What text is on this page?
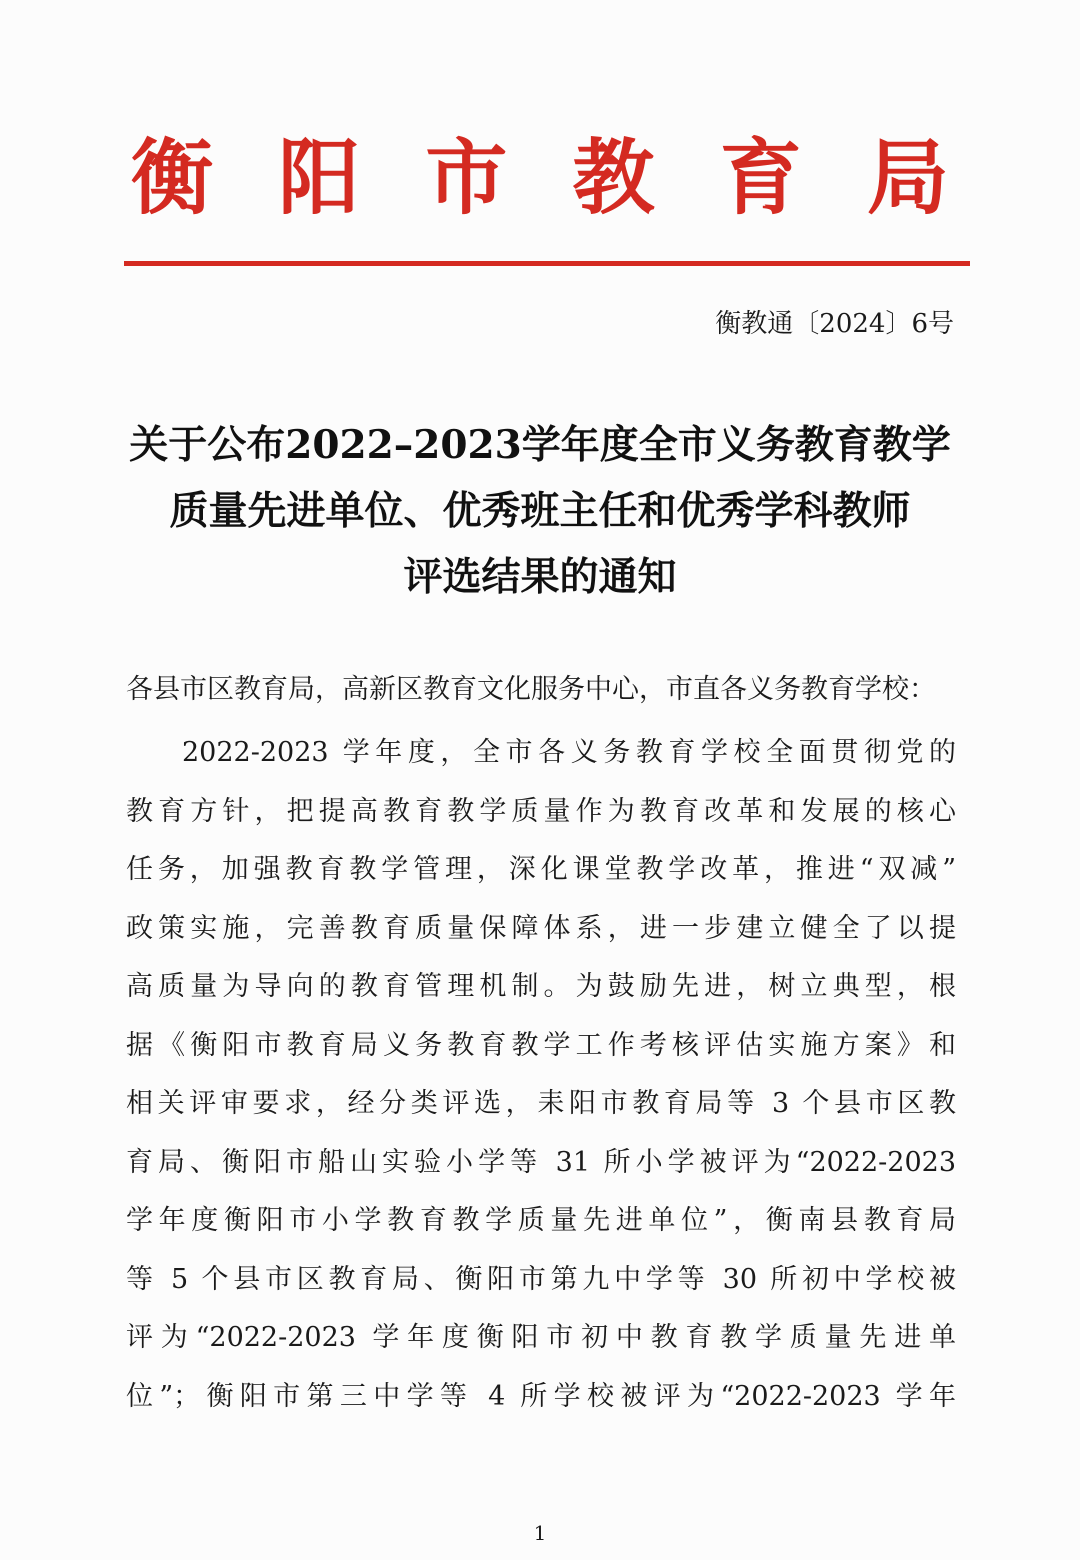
衡 阳 市 教 育 局
衡教通〔2024〕6号
关于公布2022–2023学年度全市义务教育教学
质量先进单位、优秀班主任和优秀学科教师
评选结果的通知
各县市区教育局，高新区教育文化服务中心，市直各义务教育学校：
2022-2023 学年度，全市各义务教育学校全面贯彻党的
教育方针，把提高教育教学质量作为教育改革和发展的核心
任务，加强教育教学管理，深化课堂教学改革，推进“双减”
政策实施，完善教育质量保障体系，进一步建立健全了以提
高质量为导向的教育管理机制。为鼓励先进，树立典型，根
据《衡阳市教育局义务教育教学工作考核评估实施方案》和
相关评审要求，经分类评选，耒阳市教育局等 3 个县市区教
育局、衡阳市船山实验小学等 31 所小学被评为“2022-2023
学年度衡阳市小学教育教学质量先进单位”，衡南县教育局
等 5 个县市区教育局、衡阳市第九中学等 30 所初中学校被
评为“2022-2023 学年度衡阳市初中教育教学质量先进单
位”；衡阳市第三中学等 4 所学校被评为“2022-2023 学年
1
